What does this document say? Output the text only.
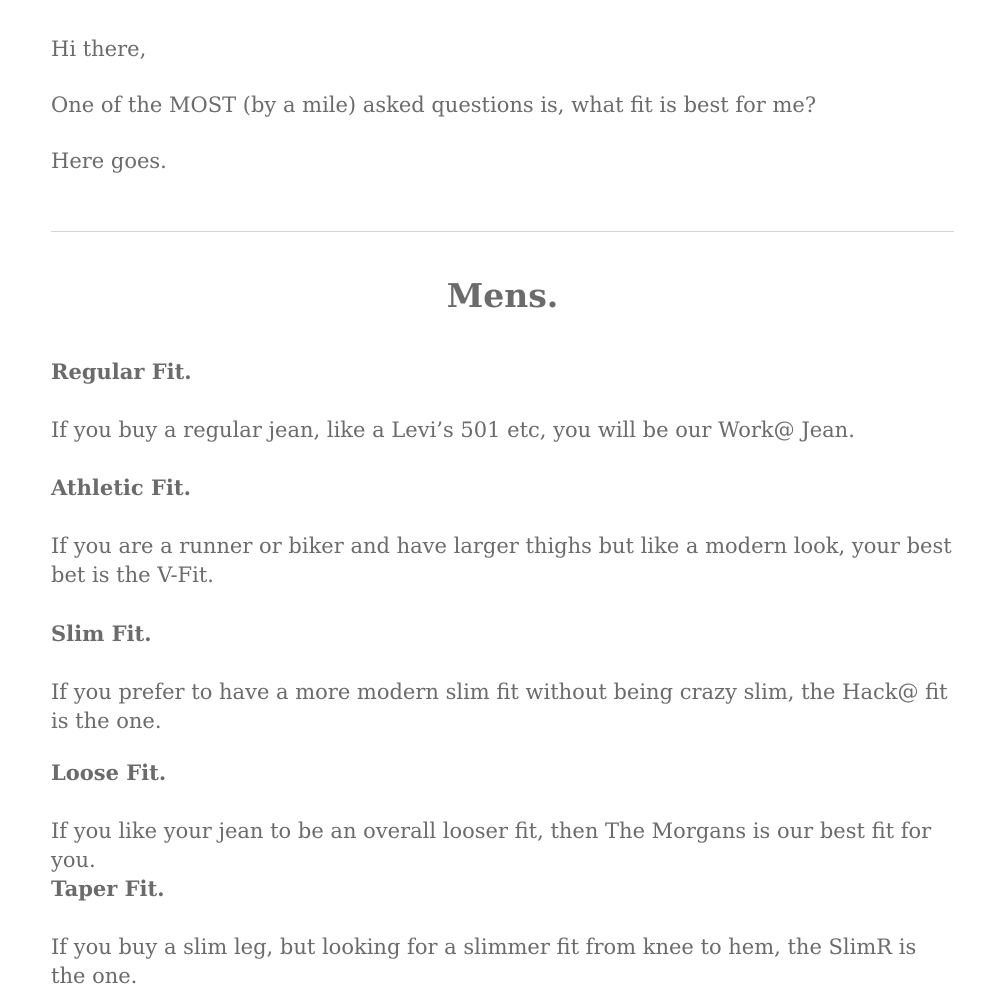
Hi there,

One of the MOST (by a mile) asked questions is, what fit is best for me?

Here goes.

Mens.
Regular Fit.

If you buy a regular jean, like a Levi’s 501 etc, you will be our Work@ Jean.

Athletic Fit.

If you are a runner or biker and have larger thighs but like a modern look, your best bet is the V-Fit.

Slim Fit.

If you prefer to have a more modern slim fit without being crazy slim, the Hack@ fit is the one.

Loose Fit.

If you like your jean to be an overall looser fit, then The Morgans is our best fit for you.

Taper Fit.

If you buy a slim leg, but looking for a slimmer fit from knee to hem, the SlimR is the one.
